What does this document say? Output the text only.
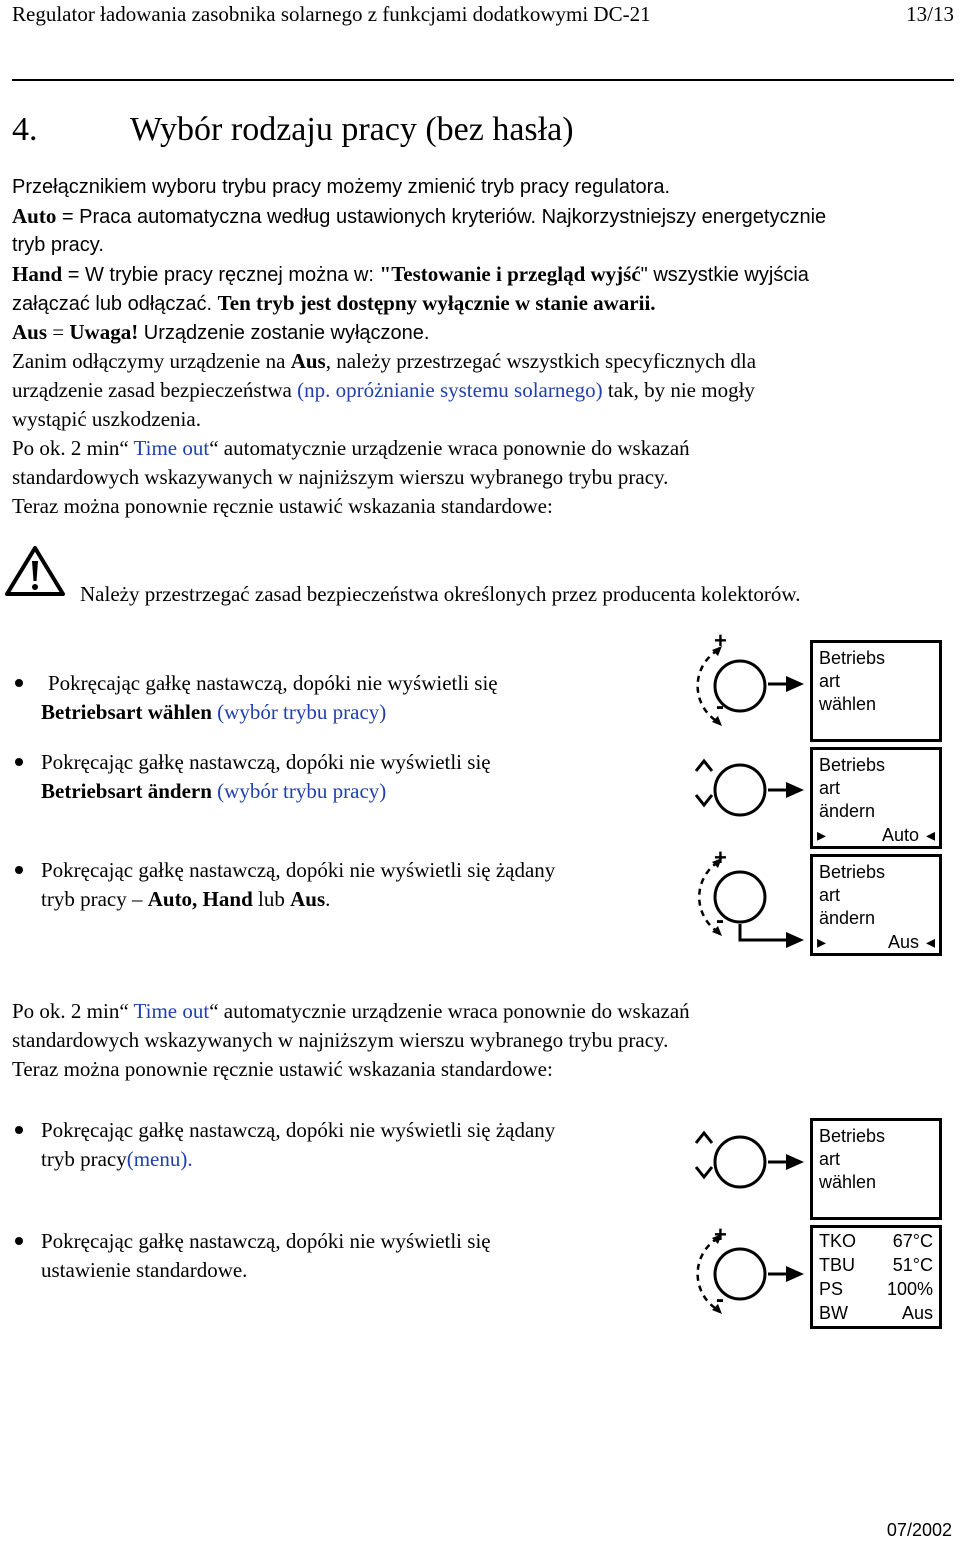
Regulator ładowania zasobnika solarnego z funkcjami dodatkowymi DC-21	13/13
4.	Wybór rodzaju pracy (bez hasła)
Przełącznikiem wyboru trybu pracy możemy zmienić tryb pracy regulatora.
Auto = Praca automatyczna według ustawionych kryteriów. Najkorzystniejszy energetycznie
tryb pracy.
Hand = W trybie pracy ręcznej można w: "Testowanie i przegląd wyjść" wszystkie wyjścia
załączać lub odłączać. Ten tryb jest dostępny wyłącznie w stanie awarii.
Aus = Uwaga! Urządzenie zostanie wyłączone.
Zanim odłączymy urządzenie na Aus, należy przestrzegać wszystkich specyficznych dla
urządzenie zasad bezpieczeństwa (np. opróżnianie systemu solarnego) tak, by nie mogły
wystąpić uszkodzenia.
Po ok. 2 min“ Time out“ automatycznie urządzenie wraca ponownie do wskazań
standardowych wskazywanych w najniższym wierszu wybranego trybu pracy.
Teraz można ponownie ręcznie ustawić wskazania standardowe:
Należy przestrzegać zasad bezpieczeństwa określonych przez producenta kolektorów.
Pokręcając gałkę nastawczą, dopóki nie wyświetli się
Betriebsart wählen (wybór trybu pracy)
Pokręcając gałkę nastawczą, dopóki nie wyświetli się
Betriebsart ändern (wybór trybu pracy)
Pokręcając gałkę nastawczą, dopóki nie wyświetli się żądany
tryb pracy – Auto, Hand lub Aus.
+
-
Betriebs
art
wählen
Betriebs
art
ändern
▸	Auto ◂
+
-
Betriebs
art
ändern
▸	Aus ◂
Po ok. 2 min“ Time out“ automatycznie urządzenie wraca ponownie do wskazań
standardowych wskazywanych w najniższym wierszu wybranego trybu pracy.
Teraz można ponownie ręcznie ustawić wskazania standardowe:
Pokręcając gałkę nastawczą, dopóki nie wyświetli się żądany
tryb pracy(menu).
Pokręcając gałkę nastawczą, dopóki nie wyświetli się
ustawienie standardowe.
Betriebs
art
wählen
+
-
TKO 67°C
TBU 51°C
PS 100%
BW	Aus
07/2002
